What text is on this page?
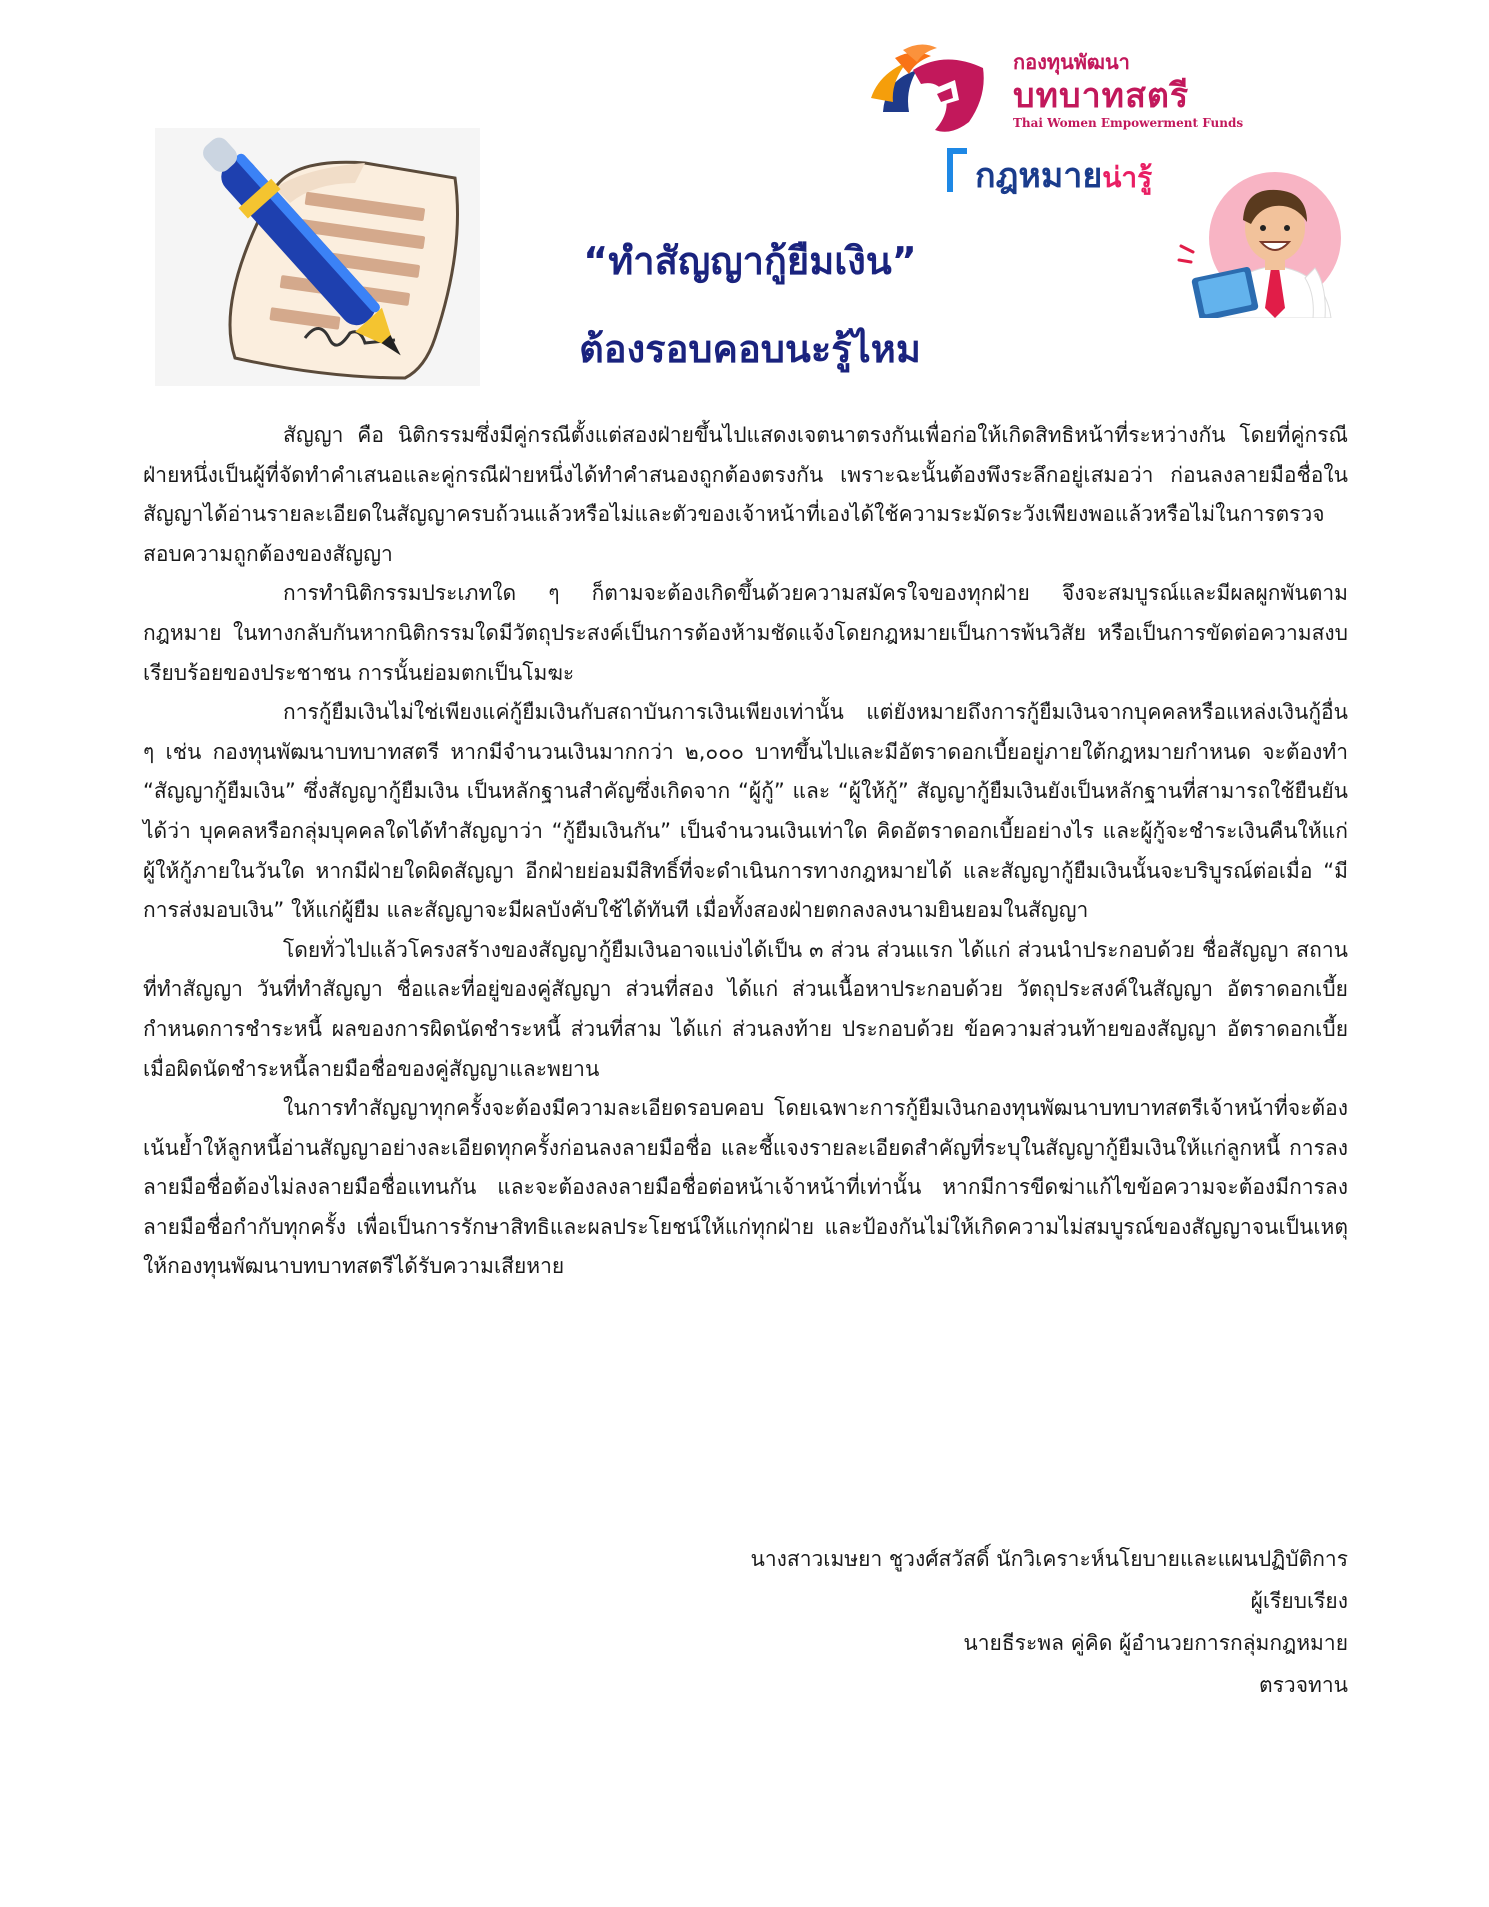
กองทุนพัฒนา
บทบาทสตรี
Thai Women Empowerment Funds
กฎหมายน่ารู้
“ทำสัญญากู้ยืมเงิน”
ต้องรอบคอบนะรู้ไหม

สัญญา คือ นิติกรรมซึ่งมีคู่กรณีตั้งแต่สองฝ่ายขึ้นไปแสดงเจตนาตรงกันเพื่อก่อให้เกิดสิทธิหน้าที่ระหว่างกัน โดยที่คู่กรณีฝ่ายหนึ่งเป็นผู้ที่จัดทำคำเสนอและคู่กรณีฝ่ายหนึ่งได้ทำคำสนองถูกต้องตรงกัน เพราะฉะนั้นต้องพึงระลึกอยู่เสมอว่า ก่อนลงลายมือชื่อในสัญญาได้อ่านรายละเอียดในสัญญาครบถ้วนแล้วหรือไม่และตัวของเจ้าหน้าที่เองได้ใช้ความระมัดระวังเพียงพอแล้วหรือไม่ในการตรวจสอบความถูกต้องของสัญญา

การทำนิติกรรมประเภทใด ๆ ก็ตามจะต้องเกิดขึ้นด้วยความสมัครใจของทุกฝ่าย จึงจะสมบูรณ์และมีผลผูกพันตามกฎหมาย ในทางกลับกันหากนิติกรรมใดมีวัตถุประสงค์เป็นการต้องห้ามชัดแจ้งโดยกฎหมายเป็นการพ้นวิสัย หรือเป็นการขัดต่อความสงบเรียบร้อยของประชาชน การนั้นย่อมตกเป็นโมฆะ

การกู้ยืมเงินไม่ใช่เพียงแค่กู้ยืมเงินกับสถาบันการเงินเพียงเท่านั้น แต่ยังหมายถึงการกู้ยืมเงินจากบุคคลหรือแหล่งเงินกู้อื่น ๆ เช่น กองทุนพัฒนาบทบาทสตรี หากมีจำนวนเงินมากกว่า ๒,๐๐๐ บาทขึ้นไปและมีอัตราดอกเบี้ยอยู่ภายใต้กฎหมายกำหนด จะต้องทำ “สัญญากู้ยืมเงิน” ซึ่งสัญญากู้ยืมเงิน เป็นหลักฐานสำคัญซึ่งเกิดจาก “ผู้กู้” และ “ผู้ให้กู้” สัญญากู้ยืมเงินยังเป็นหลักฐานที่สามารถใช้ยืนยันได้ว่า บุคคลหรือกลุ่มบุคคลใดได้ทำสัญญาว่า “กู้ยืมเงินกัน” เป็นจำนวนเงินเท่าใด คิดอัตราดอกเบี้ยอย่างไร และผู้กู้จะชำระเงินคืนให้แก่ผู้ให้กู้ภายในวันใด หากมีฝ่ายใดผิดสัญญา อีกฝ่ายย่อมมีสิทธิ์ที่จะดำเนินการทางกฎหมายได้ และสัญญากู้ยืมเงินนั้นจะบริบูรณ์ต่อเมื่อ “มีการส่งมอบเงิน” ให้แก่ผู้ยืม และสัญญาจะมีผลบังคับใช้ได้ทันที เมื่อทั้งสองฝ่ายตกลงลงนามยินยอมในสัญญา

โดยทั่วไปแล้วโครงสร้างของสัญญากู้ยืมเงินอาจแบ่งได้เป็น ๓ ส่วน ส่วนแรก ได้แก่ ส่วนนำประกอบด้วย ชื่อสัญญา สถานที่ทำสัญญา วันที่ทำสัญญา ชื่อและที่อยู่ของคู่สัญญา ส่วนที่สอง ได้แก่ ส่วนเนื้อหาประกอบด้วย วัตถุประสงค์ในสัญญา อัตราดอกเบี้ย กำหนดการชำระหนี้ ผลของการผิดนัดชำระหนี้ ส่วนที่สาม ได้แก่ ส่วนลงท้าย ประกอบด้วย ข้อความส่วนท้ายของสัญญา อัตราดอกเบี้ยเมื่อผิดนัดชำระหนี้ลายมือชื่อของคู่สัญญาและพยาน

ในการทำสัญญาทุกครั้งจะต้องมีความละเอียดรอบคอบ โดยเฉพาะการกู้ยืมเงินกองทุนพัฒนาบทบาทสตรีเจ้าหน้าที่จะต้องเน้นย้ำให้ลูกหนี้อ่านสัญญาอย่างละเอียดทุกครั้งก่อนลงลายมือชื่อ และชี้แจงรายละเอียดสำคัญที่ระบุในสัญญากู้ยืมเงินให้แก่ลูกหนี้ การลงลายมือชื่อต้องไม่ลงลายมือชื่อแทนกัน และจะต้องลงลายมือชื่อต่อหน้าเจ้าหน้าที่เท่านั้น หากมีการขีดฆ่าแก้ไขข้อความจะต้องมีการลงลายมือชื่อกำกับทุกครั้ง เพื่อเป็นการรักษาสิทธิและผลประโยชน์ให้แก่ทุกฝ่าย และป้องกันไม่ให้เกิดความไม่สมบูรณ์ของสัญญาจนเป็นเหตุให้กองทุนพัฒนาบทบาทสตรีได้รับความเสียหาย

นางสาวเมษยา ชูวงศ์สวัสดิ์ นักวิเคราะห์นโยบายและแผนปฏิบัติการ
ผู้เรียบเรียง
นายธีระพล คู่คิด ผู้อำนวยการกลุ่มกฎหมาย
ตรวจทาน
